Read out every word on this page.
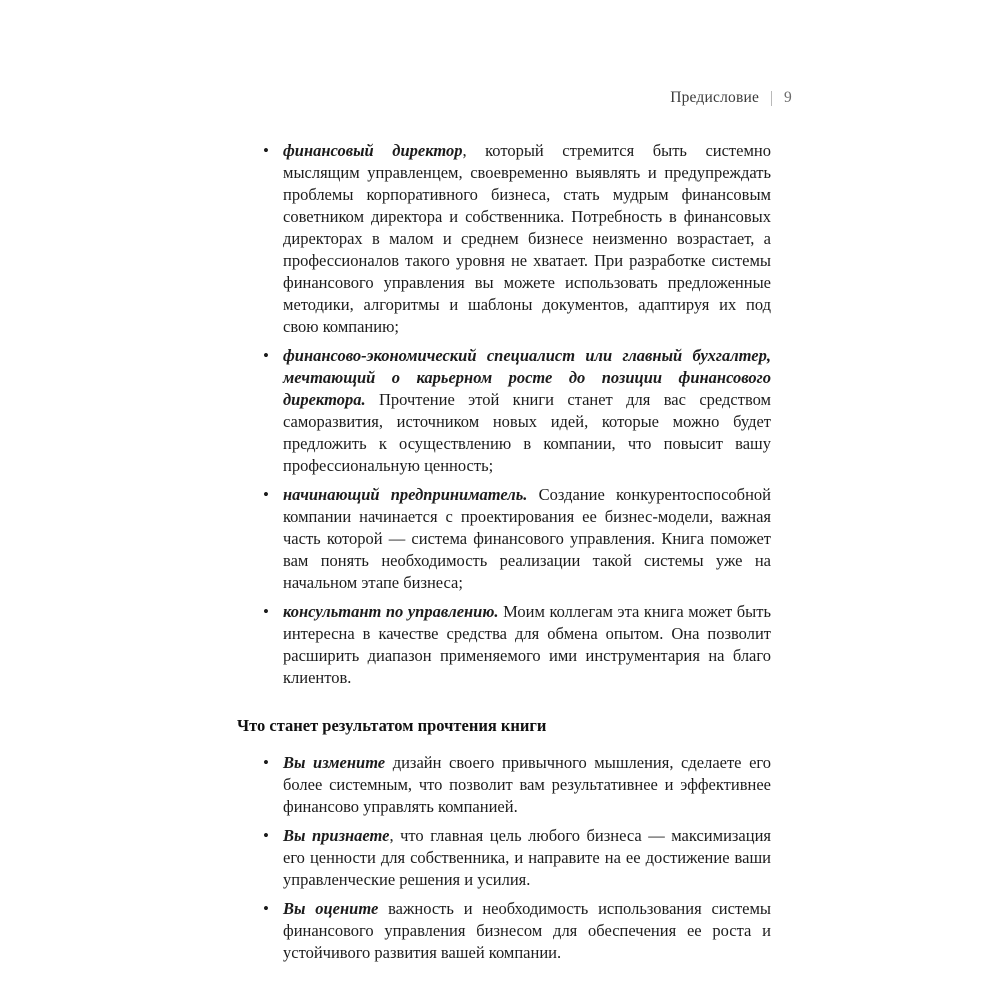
Предисловие 9
• финансовый директор, который стремится быть системно мыслящим управленцем, своевременно выявлять и предупреждать проблемы корпоративного бизнеса, стать мудрым финансовым советником директора и собственника. Потребность в финансовых директорах в малом и среднем бизнесе неизменно возрастает, а профессионалов такого уровня не хватает. При разработке системы финансового управления вы можете использовать предложенные методики, алгоритмы и шаблоны документов, адаптируя их под свою компанию;

• финансово-экономический специалист или главный бухгалтер, мечтающий о карьерном росте до позиции финансового директора. Прочтение этой книги станет для вас средством саморазвития, источником новых идей, которые можно будет предложить к осуществлению в компании, что повысит вашу профессиональную ценность;

• начинающий предприниматель. Создание конкурентоспособной компании начинается с проектирования ее бизнес-модели, важная часть которой — система финансового управления. Книга поможет вам понять необходимость реализации такой системы уже на начальном этапе бизнеса;

• консультант по управлению. Моим коллегам эта книга может быть интересна в качестве средства для обмена опытом. Она позволит расширить диапазон применяемого ими инструментария на благо клиентов.

Что станет результатом прочтения книги
• Вы измените дизайн своего привычного мышления, сделаете его более системным, что позволит вам результативнее и эффективнее финансово управлять компанией.

• Вы признаете, что главная цель любого бизнеса — максимизация его ценности для собственника, и направите на ее достижение ваши управленческие решения и усилия.

• Вы оцените важность и необходимость использования системы финансового управления бизнесом для обеспечения ее роста и устойчивого развития вашей компании.
